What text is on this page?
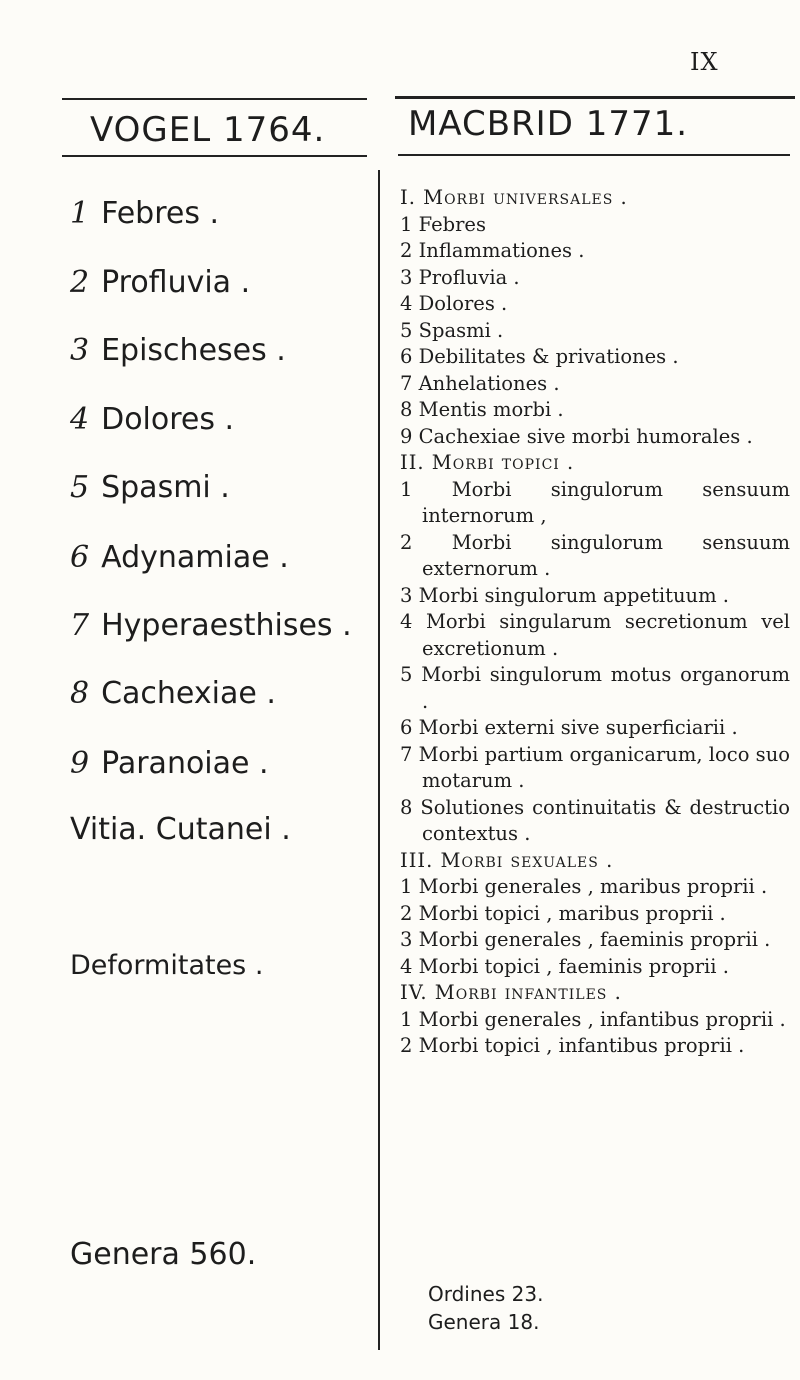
IX
VOGEL 1764. MACBRID 1771.
1 Febres .
2 Profluvia .
3 Epischeses .
4 Dolores .
5 Spasmi .
6 Adynamiae .
7 Hyperaesthises .
8 Cachexiae .
9 Paranoiae .
Vitia. Cutanei .
Deformitates .
Genera 560.
I. Morbi universales .
1 Febres
2 Inflammationes .
3 Profluvia .
4 Dolores .
5 Spasmi .
6 Debilitates & privationes .
7 Anhelationes .
8 Mentis morbi .
9 Cachexiae sive morbi humorales .
II. Morbi topici .
1 Morbi singulorum sensuum internorum ,
2 Morbi singulorum sensuum externorum .
3 Morbi singulorum appetituum .
4 Morbi singularum secretionum vel excretionum .
5 Morbi singulorum motus organorum .
6 Morbi externi sive superficiarii .
7 Morbi partium organicarum, loco suo motarum .
8 Solutiones continuitatis & destructio contextus .
III. Morbi sexuales .
1 Morbi generales , maribus proprii .
2 Morbi topici , maribus proprii .
3 Morbi generales , faeminis proprii .
4 Morbi topici , faeminis proprii .
IV. Morbi infantiles .
1 Morbi generales , infantibus proprii .
2 Morbi topici , infantibus proprii .
Ordines 23.
Genera 18.
